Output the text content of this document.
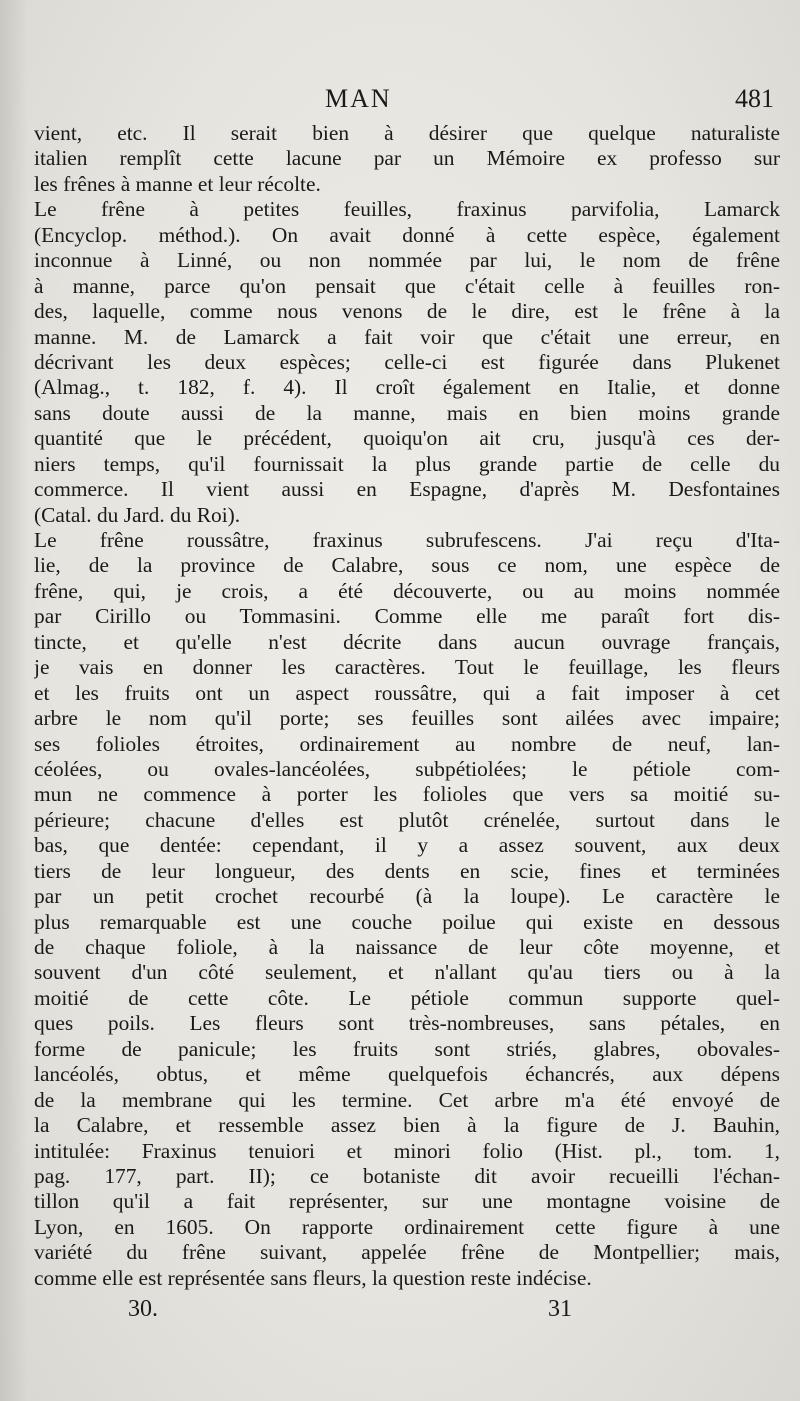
MAN	481
vient, etc. Il serait bien à désirer que quelque naturaliste
italien remplît cette lacune par un Mémoire ex professo sur
les frênes à manne et leur récolte.
Le frêne à petites feuilles, fraxinus parvifolia, Lamarck
(Encyclop. méthod.). On avait donné à cette espèce, également
inconnue à Linné, ou non nommée par lui, le nom de frêne
à manne, parce qu'on pensait que c'était celle à feuilles ron-
des, laquelle, comme nous venons de le dire, est le frêne à la
manne. M. de Lamarck a fait voir que c'était une erreur, en
décrivant les deux espèces; celle-ci est figurée dans Plukenet
(Almag., t. 182, f. 4). Il croît également en Italie, et donne
sans doute aussi de la manne, mais en bien moins grande
quantité que le précédent, quoiqu'on ait cru, jusqu'à ces der-
niers temps, qu'il fournissait la plus grande partie de celle du
commerce. Il vient aussi en Espagne, d'après M. Desfontaines
(Catal. du Jard. du Roi).
Le frêne roussâtre, fraxinus subrufescens. J'ai reçu d'Ita-
lie, de la province de Calabre, sous ce nom, une espèce de
frêne, qui, je crois, a été découverte, ou au moins nommée
par Cirillo ou Tommasini. Comme elle me paraît fort dis-
tincte, et qu'elle n'est décrite dans aucun ouvrage français,
je vais en donner les caractères. Tout le feuillage, les fleurs
et les fruits ont un aspect roussâtre, qui a fait imposer à cet
arbre le nom qu'il porte; ses feuilles sont ailées avec impaire;
ses folioles étroites, ordinairement au nombre de neuf, lan-
céolées, ou ovales-lancéolées, subpétiolées; le pétiole com-
mun ne commence à porter les folioles que vers sa moitié su-
périeure; chacune d'elles est plutôt crénelée, surtout dans le
bas, que dentée: cependant, il y a assez souvent, aux deux
tiers de leur longueur, des dents en scie, fines et terminées
par un petit crochet recourbé (à la loupe). Le caractère le
plus remarquable est une couche poilue qui existe en dessous
de chaque foliole, à la naissance de leur côte moyenne, et
souvent d'un côté seulement, et n'allant qu'au tiers ou à la
moitié de cette côte. Le pétiole commun supporte quel-
ques poils. Les fleurs sont très-nombreuses, sans pétales, en
forme de panicule; les fruits sont striés, glabres, obovales-
lancéolés, obtus, et même quelquefois échancrés, aux dépens
de la membrane qui les termine. Cet arbre m'a été envoyé de
la Calabre, et ressemble assez bien à la figure de J. Bauhin,
intitulée: Fraxinus tenuiori et minori folio (Hist. pl., tom. 1,
pag. 177, part. II); ce botaniste dit avoir recueilli l'échan-
tillon qu'il a fait représenter, sur une montagne voisine de
Lyon, en 1605. On rapporte ordinairement cette figure à une
variété du frêne suivant, appelée frêne de Montpellier; mais,
comme elle est représentée sans fleurs, la question reste indécise.
30.	31
